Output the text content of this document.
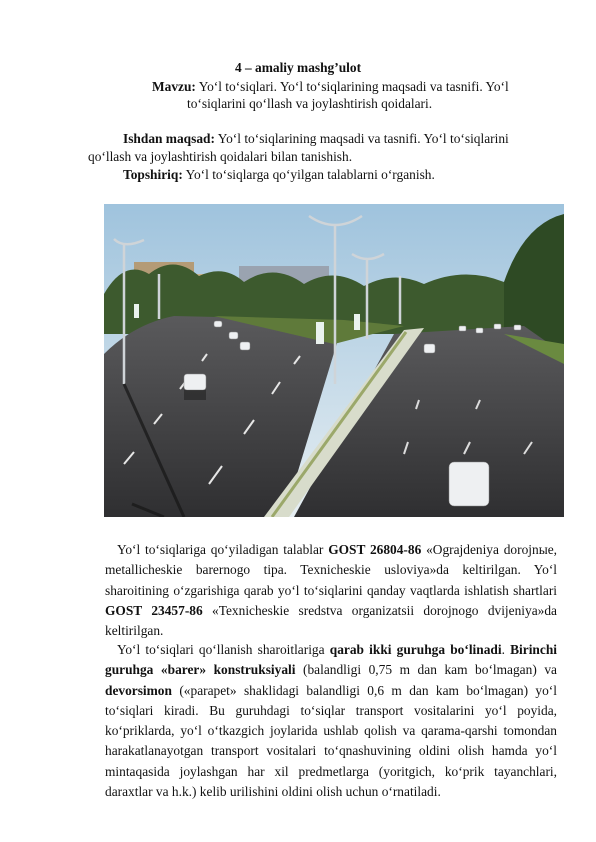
4 – amaliy mashg’ulot
Mavzu: Yo‘l to‘siqlari. Yo‘l to‘siqlarining maqsadi va tasnifi. Yo‘l
to‘siqlarini qo‘llash va joylashtirish qoidalari.
Ishdan maqsad: Yo‘l to‘siqlarining maqsadi va tasnifi. Yo‘l to‘siqlarini
qo‘llash va joylashtirish qoidalari bilan tanishish.
Topshiriq: Yo‘l to‘siqlarga qo‘yilgan talablarni o‘rganish.
Yo‘l to‘siqlariga qo‘yiladigan talablar GOST 26804-86 «Ograjdeniya dorojnыe, metallicheskie barernogo tipa. Texnicheskie usloviya»da keltirilgan. Yo‘l sharoitining o‘zgarishiga qarab yo‘l to‘siqlarini qanday vaqtlarda ishlatish shartlari GOST 23457-86 «Texnicheskie sredstva organizatsii dorojnogo dvijeniya»da keltirilgan.
Yo‘l to‘siqlari qo‘llanish sharoitlariga qarab ikki guruhga bo‘linadi. Birinchi guruhga «barer» konstruksiyali (balandligi 0,75 m dan kam bo‘lmagan) va devorsimon («parapet» shaklidagi balandligi 0,6 m dan kam bo‘lmagan) yo‘l to‘siqlari kiradi. Bu guruhdagi to‘siqlar transport vositalarini yo‘l poyida, ko‘priklarda, yo‘l o‘tkazgich joylarida ushlab qolish va qarama-qarshi tomondan harakatlanayotgan transport vositalari to‘qnashuvining oldini olish hamda yo‘l mintaqasida joylashgan har xil predmetlarga (yoritgich, ko‘prik tayanchlari, daraxtlar va h.k.) kelib urilishini oldini olish uchun o‘rnatiladi.
